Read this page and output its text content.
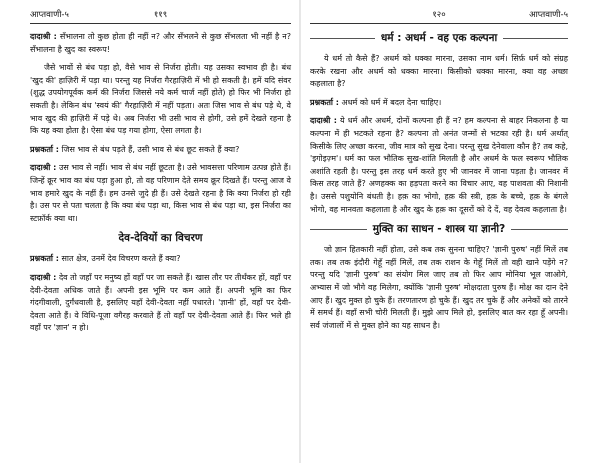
आप्तवाणी-५	११९

दादाश्री : सँभालना तो कुछ होता ही नहीं न? और सँभलने से कुछ सँभलता भी नहीं है न? सँभालना है खुद का स्वरूप!

जैसे भावों से बंध पड़ा हो, वैसे भाव से निर्जरा होती। यह उसका स्वभाव ही है। बंध 'खुद की' हाज़िरी में पड़ा था। परन्तु यह निर्जरा गैरहाज़िरी में भी हो सकती है। हमें यदि संवर (शुद्ध उपयोगपूर्वक कर्म की निर्जरा जिससे नये कर्म चार्ज नहीं होते) हो फिर भी निर्जरा हो सकती है। लेकिन बंध 'स्वयं की' गैरहाज़िरी में नहीं पड़ता। अतः जिस भाव से बंध पड़े थे, वे भाव खुद की हाज़िरी में पड़े थे। अब निर्जरा भी उसी भाव से होगी, उसे हमें देखते रहना है कि यह क्या होता है। ऐसा बंध पड़ गया होगा, ऐसा लगता है।

प्रश्नकर्ता : जिस भाव से बंध पड़ते हैं, उसी भाव से बंध छूट सकते हैं क्या?

दादाश्री : उस भाव से नहीं। भाव से बंध नहीं छूटता है। उसे भावसत्ता परिणाम उत्पन्न होते हैं। जिन्हें क्रूर भाव का बंध पड़ा हुआ हो, तो वह परिणाम देते समय क्रूर दिखते हैं। परन्तु आज वे भाव हमारे खुद के नहीं हैं। हम उनसे जुदे ही हैं। उसे देखते रहना है कि क्या निर्जरा हो रही है। उस पर से पता चलता है कि क्या बंध पड़ा था, किस भाव से बंध पड़ा था, इस निर्जरा का स्टफ़ॉर्क क्या था।

देव-देवियों का विचरण

प्रश्नकर्ता : सात क्षेत्र, उनमें देव विचरण करते हैं क्या?

दादाश्री : देव तो जहाँ पर मनुष्य हों वहाँ पर जा सकते हैं। खास तौर पर तीर्थंकर हों, वहाँ पर देवी-देवता अधिक जाते हैं। अपनी इस भूमि पर कम आते हैं। अपनी भूमि का फिर गंदगीवाली, दुर्गंधवाली है, इसलिए यहाँ देवी-देवता नहीं पधारते। 'ज्ञानी' हों, वहाँ पर देवी-देवता आते हैं। वे विधि-पूजा वगैरह करवाते हैं तो वहाँ पर देवी-देवता आते हैं। फिर भले ही वहाँ पर 'ज्ञान' न हो।

१२०	आप्तवाणी-५
धर्म : अधर्म - वह एक कल्पना

ये धर्म तो कैसे हैं? अधर्म को धक्का मारना, उसका नाम धर्म। सिर्फ़ धर्म को संग्रह करके रखना और अधर्म को धक्का मारना। किसीको धक्का मारना, क्या वह अच्छा कहलाता है?

प्रश्नकर्ता : अधर्म को धर्म में बदल देना चाहिए।

दादाश्री : ये धर्म और अधर्म, दोनों कल्पना ही हैं न? हम कल्पना से बाहर निकलना है या कल्पना में ही भटकते रहना है? कल्पना तो अनंत जन्मों से भटका रही है। धर्म अर्थात् किसीके लिए अच्छा करना, जीव मात्र को सुख देना। परन्तु सुख देनेवाला कौन है? तब कहे, 'इगोइज़्म'। धर्म का फल भौतिक सुख-शांति मिलती है और अधर्म के फल स्वरूप भौतिक अशांति रहती है। परन्तु इस तरह धर्म करते हुए भी जानवर में जाना पड़ता है। जानवर में किस तरह जाते हैं? अणहक्क का हड़पता करने का विचार आए, वह पाशवता की निशानी है। उससे पशुयोनि बंधती है। हक़ का भोगो, हक़ की स्त्री, हक़ के बच्चे, हक़ के बंगले भोगो, वह मानवता कहलाता है और खुद के हक़ का दूसरों को दे दें, वह देवत्व कहलाता है।

मुक्ति का साधन - शास्त्र या ज्ञानी?

जो ज्ञान हितकारी नहीं होता, उसे कब तक सुनना चाहिए? 'ज्ञानी पुरुष' नहीं मिलें तब तक। तब तक इंदौरी गेहूँ नहीं मिलें, तब तक राशन के गेहूँ मिलें तो वही खाने पड़ेंगे न? परन्तु यदि 'ज्ञानी पुरुष' का संयोग मिल जाए तब तो फिर आप मोनिया भूल जाओगे, अभ्यास में जो भौगे वह मिलेगा, क्योंकि 'ज्ञानी पुरुष' मोक्षदाता पुरुष हैं। मोक्ष का दान देने आए हैं। खुद मुक्त हो चुके हैं। तरणतारण हो चुके हैं। खुद तर चुके हैं और अनेकों को तारने में समर्थ हैं। वहाँ सभी चोरी मिलती हैं। मुझे आप मिले हो, इसलिए बात कर रहा हूँ अपनी। सर्व जंजालों में से मुक्त होने का यह साधन है।
